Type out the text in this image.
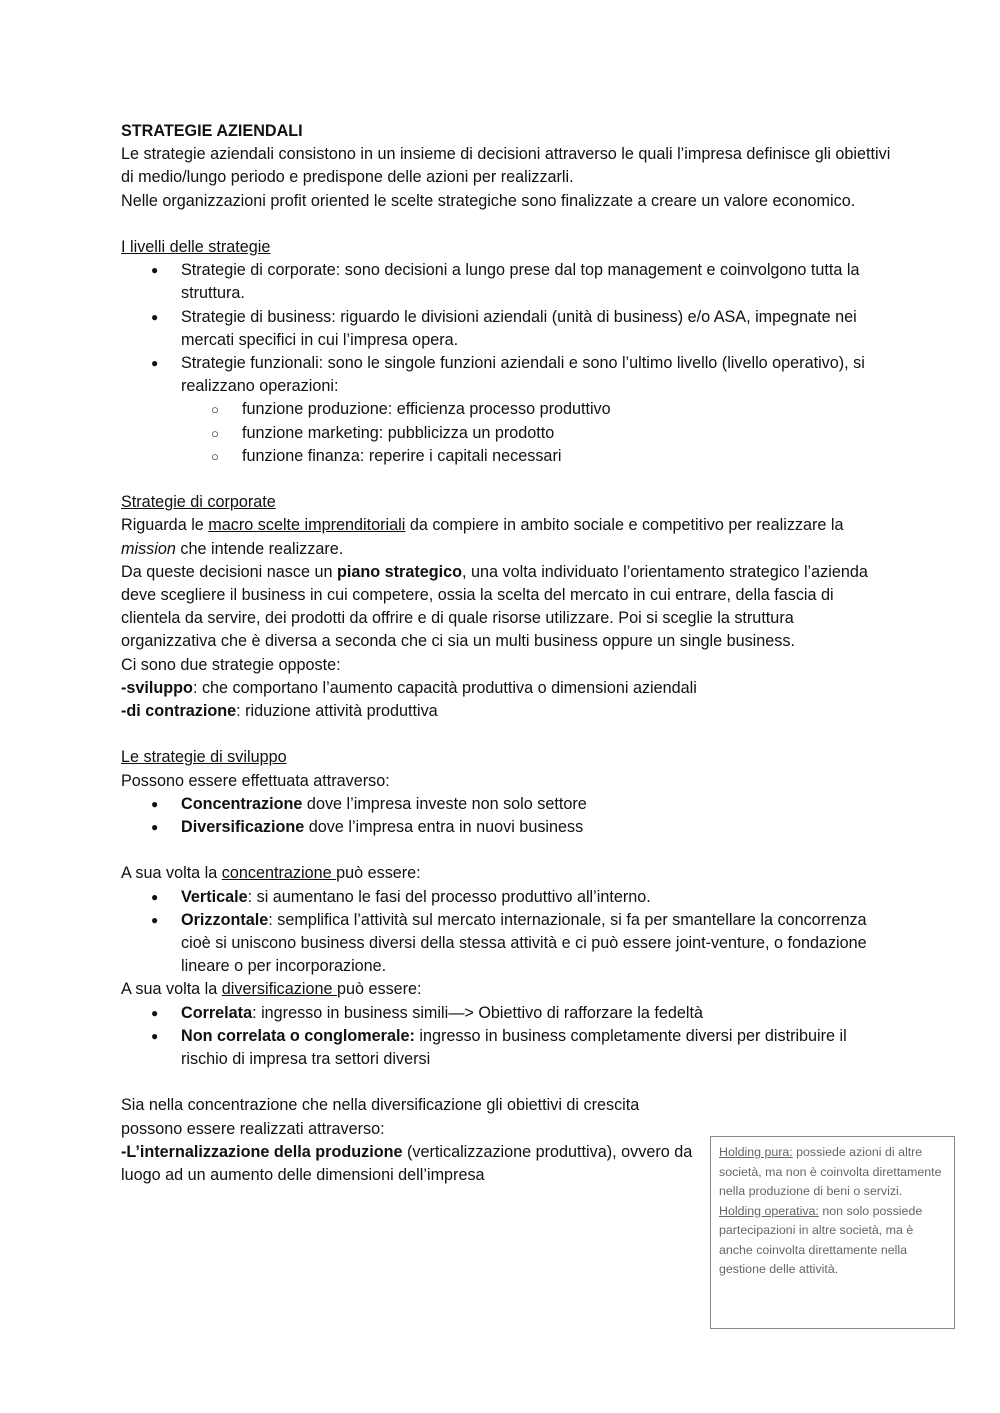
STRATEGIE AZIENDALI

Le strategie aziendali consistono in un insieme di decisioni attraverso le quali l’impresa definisce gli obiettivi di medio/lungo periodo e predispone delle azioni per realizzarli.

Nelle organizzazioni profit oriented le scelte strategiche sono finalizzate a creare un valore economico.

I livelli delle strategie

● Strategie di corporate: sono decisioni a lungo prese dal top management e coinvolgono tutta la struttura.
● Strategie di business: riguardo le divisioni aziendali (unità di business) e/o ASA, impegnate nei mercati specifici in cui l’impresa opera.
● Strategie funzionali: sono le singole funzioni aziendali e sono l’ultimo livello (livello operativo), si realizzano operazioni:
○ funzione produzione: efficienza processo produttivo
○ funzione marketing: pubblicizza un prodotto
○ funzione finanza: reperire i capitali necessari

Strategie di corporate

Riguarda le macro scelte imprenditoriali da compiere in ambito sociale e competitivo per realizzare la mission che intende realizzare.

Da queste decisioni nasce un piano strategico, una volta individuato l’orientamento strategico l’azienda deve scegliere il business in cui competere, ossia la scelta del mercato in cui entrare, della fascia di clientela da servire, dei prodotti da offrire e di quale risorse utilizzare. Poi si sceglie la struttura organizzativa che è diversa a seconda che ci sia un multi business oppure un single business.

Ci sono due strategie opposte:

-sviluppo: che comportano l’aumento capacità produttiva o dimensioni aziendali

-di contrazione: riduzione attività produttiva

Le strategie di sviluppo

Possono essere effettuata attraverso:

● Concentrazione dove l’impresa investe non solo settore
● Diversificazione dove l’impresa entra in nuovi business

A sua volta la concentrazione può essere:

● Verticale: si aumentano le fasi del processo produttivo all’interno.
● Orizzontale: semplifica l’attività sul mercato internazionale, si fa per smantellare la concorrenza cioè si uniscono business diversi della stessa attività e ci può essere joint-venture, o fondazione lineare o per incorporazione.

A sua volta la diversificazione può essere:

● Correlata: ingresso in business simili—> Obiettivo di rafforzare la fedeltà
● Non correlata o conglomerale: ingresso in business completamente diversi per distribuire il rischio di impresa tra settori diversi

Sia nella concentrazione che nella diversificazione gli obiettivi di crescita possono essere realizzati attraverso:

-L’internalizzazione della produzione (verticalizzazione produttiva), ovvero da luogo ad un aumento delle dimensioni dell’impresa

Holding pura: possiede azioni di altre società, ma non è coinvolta direttamente nella produzione di beni o servizi.
Holding operativa: non solo possiede partecipazioni in altre società, ma è anche coinvolta direttamente nella gestione delle attività.
